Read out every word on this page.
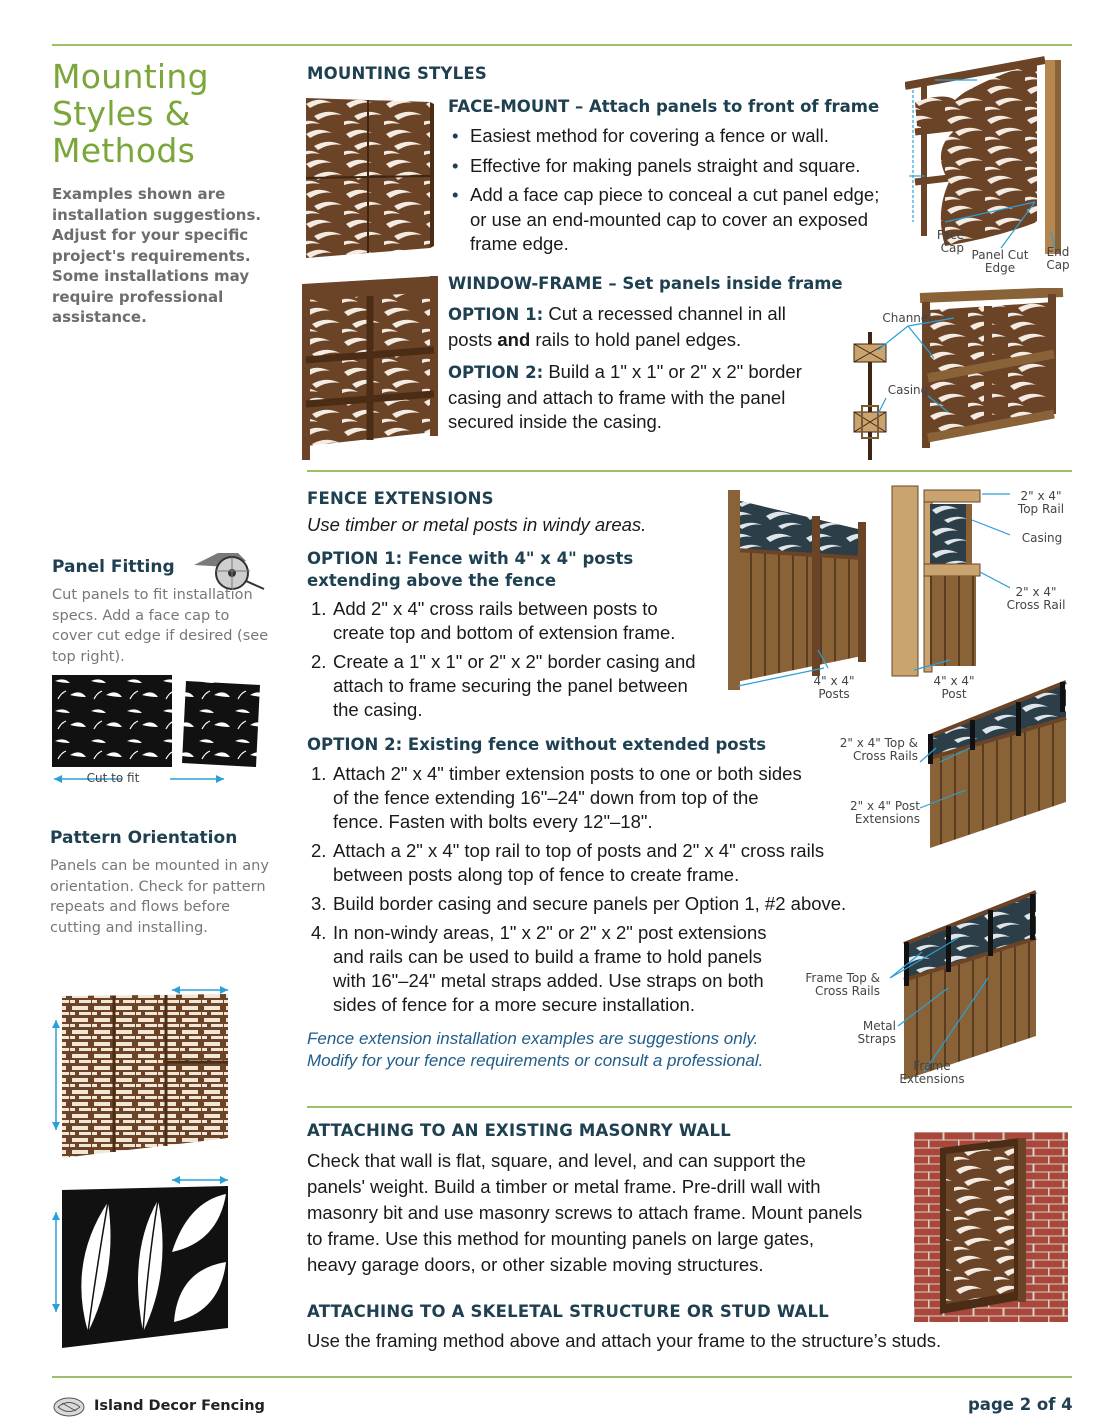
Mounting
Styles &
Methods
Examples shown are installation suggestions. Adjust for your specific project's requirements. Some installations may require professional assistance.
Panel Fitting
Cut panels to fit installation specs. Add a face cap to cover cut edge if desired (see top right).
Cut to fit
Pattern Orientation
Panels can be mounted in any orientation. Check for pattern repeats and flows before cutting and installing.
MOUNTING STYLES
FACE-MOUNT – Attach panels to front of frame
• Easiest method for covering a fence or wall.
• Effective for making panels straight and square.
• Add a face cap piece to conceal a cut panel edge; or use an end-mounted cap to cover an exposed frame edge.	Face Cap
Panel Cut Edge
End Cap
WINDOW-FRAME – Set panels inside frame
OPTION 1: Cut a recessed channel in all posts and rails to hold panel edges.
OPTION 2: Build a 1" x 1" or 2" x 2" border casing and attach to frame with the panel secured inside the casing.
Channel
Casing
FENCE EXTENSIONS
Use timber or metal posts in windy areas.
OPTION 1: Fence with 4" x 4" posts extending above the fence
1. Add 2" x 4" cross rails between posts to create top and bottom of extension frame.
2. Create a 1" x 1" or 2" x 2" border casing and attach to frame securing the panel between the casing.
4" x 4" Posts
2" x 4" Top Rail
Casing
2" x 4" Cross Rail
4" x 4" Post
OPTION 2: Existing fence without extended posts
1. Attach 2" x 4" timber extension posts to one or both sides of the fence extending 16"–24" down from top of the fence. Fasten with bolts every 12"–18".
2. Attach a 2" x 4" top rail to top of posts and 2" x 4" cross rails between posts along top of fence to create frame.
3. Build border casing and secure panels per Option 1, #2 above.
4. In non-windy areas, 1" x 2" or 2" x 2" post extensions and rails can be used to build a frame to hold panels with 16"–24" metal straps added. Use straps on both sides of fence for a more secure installation.
Fence extension installation examples are suggestions only. Modify for your fence requirements or consult a professional.
2" x 4" Top & Cross Rails
2" x 4" Post Extensions
Frame Top & Cross Rails
Metal Straps
Frame Extensions
ATTACHING TO AN EXISTING MASONRY WALL
Check that wall is flat, square, and level, and can support the panels' weight. Build a timber or metal frame. Pre-drill wall with masonry bit and use masonry screws to attach frame. Mount panels to frame. Use this method for mounting panels on large gates, heavy garage doors, or other sizable moving structures.
ATTACHING TO A SKELETAL STRUCTURE OR STUD WALL
Use the framing method above and attach your frame to the structure’s studs.
Island Decor Fencing	page 2 of 4
